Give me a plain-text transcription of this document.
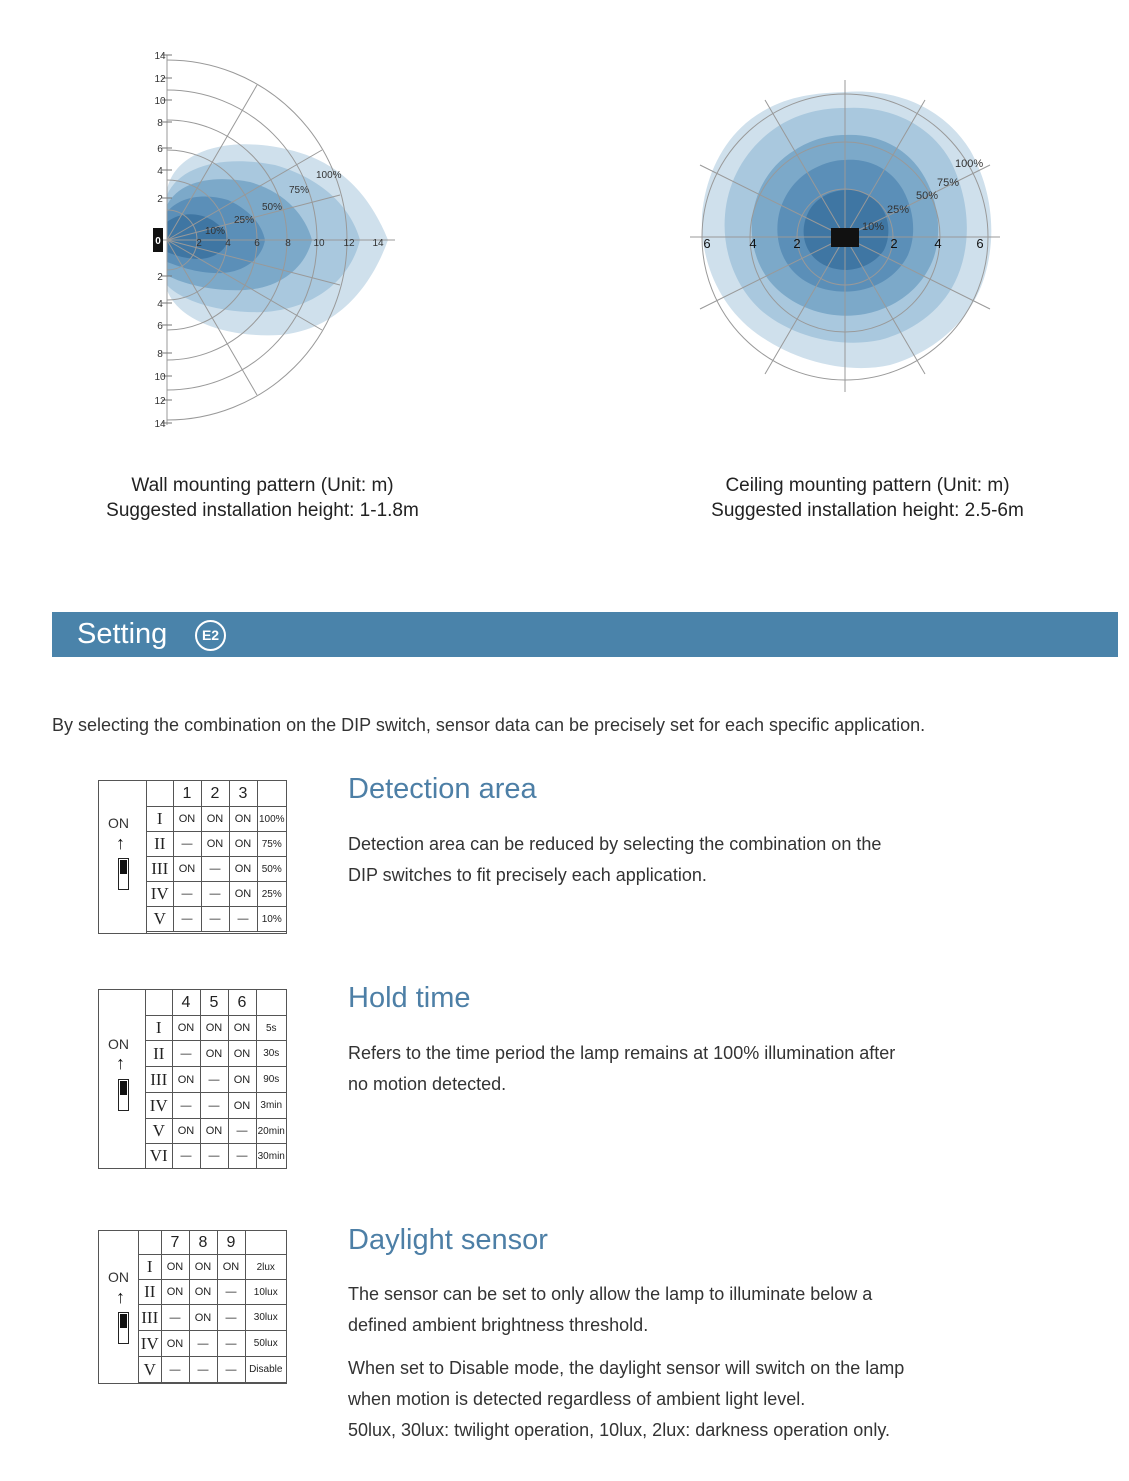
14
12
10
8
6
4
2
0
2
4
6
8
10
12
14
2 4 6	8 10 12 14
100%
75%
50%
25%
10%
Wall mounting pattern (Unit: m)
Suggested installation height: 1-1.8m
6	4	2	2	4	6
100%
75%
50%
25%
10%
Ceiling mounting pattern (Unit: m)
Suggested installation height: 2.5-6m
Setting	E2
By selecting the combination on the DIP switch, sensor data can be precisely set for each specific application.
ON
↑
	1	2	3	
I	ON	ON	ON	100%
II	—	ON	ON	75%
III	ON	—	ON	50%
IV	—	—	ON	25%
V	—	—	—	10%
Detection area
Detection area can be reduced by selecting the combination on the
DIP switches to fit precisely each application.
ON
↑
	4	5	6	
I	ON	ON	ON	5s
II	—	ON	ON	30s
III	ON	—	ON	90s
IV	—	—	ON	3min
V	ON	ON	—	20min
VI	—	—	—	30min
Hold time
Refers to the time period the lamp remains at 100% illumination after
no motion detected.
ON
↑
	7	8	9	
I	ON	ON	ON	2lux
II	ON	ON	—	10lux
III	—	ON	—	30lux
IV	ON	—	—	50lux
V	—	—	—	Disable
Daylight sensor
The sensor can be set to only allow the lamp to illuminate below a
defined ambient brightness threshold.
When set to Disable mode, the daylight sensor will switch on the lamp
when motion is detected regardless of ambient light level.
50lux, 30lux: twilight operation, 10lux, 2lux: darkness operation only.
